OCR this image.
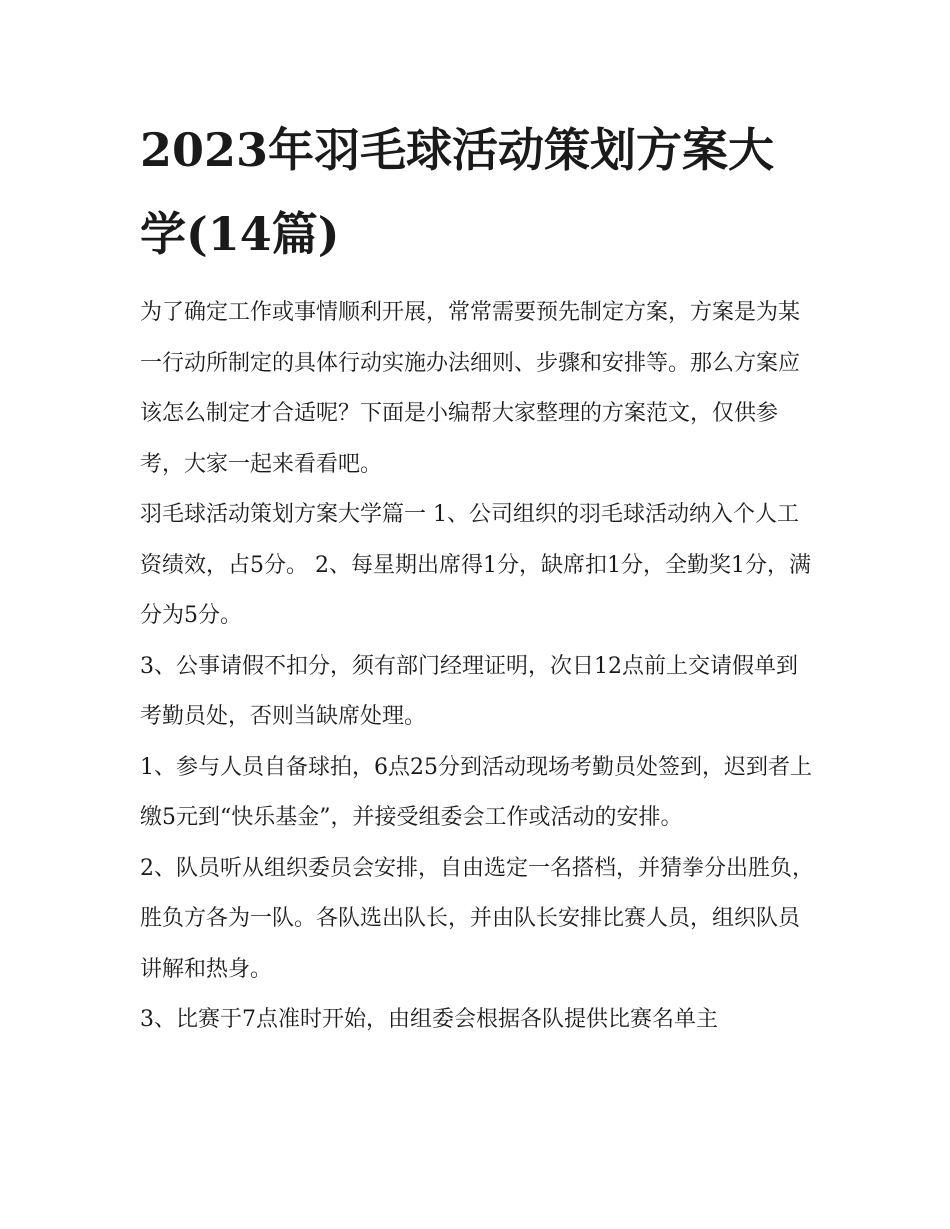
2023年羽毛球活动策划方案大学(14篇)

为了确定工作或事情顺利开展，常常需要预先制定方案，方案是为某一行动所制定的具体行动实施办法细则、步骤和安排等。那么方案应该怎么制定才合适呢？下面是小编帮大家整理的方案范文，仅供参考，大家一起来看看吧。

羽毛球活动策划方案大学篇一 1、公司组织的羽毛球活动纳入个人工资绩效，占5分。 2、每星期出席得1分，缺席扣1分，全勤奖1分，满分为5分。

3、公事请假不扣分，须有部门经理证明，次日12点前上交请假单到考勤员处，否则当缺席处理。

1、参与人员自备球拍，6点25分到活动现场考勤员处签到，迟到者上缴5元到“快乐基金”，并接受组委会工作或活动的安排。

2、队员听从组织委员会安排，自由选定一名搭档，并猜拳分出胜负，胜负方各为一队。各队选出队长，并由队长安排比赛人员，组织队员讲解和热身。

3、比赛于7点准时开始，由组委会根据各队提供比赛名单主
